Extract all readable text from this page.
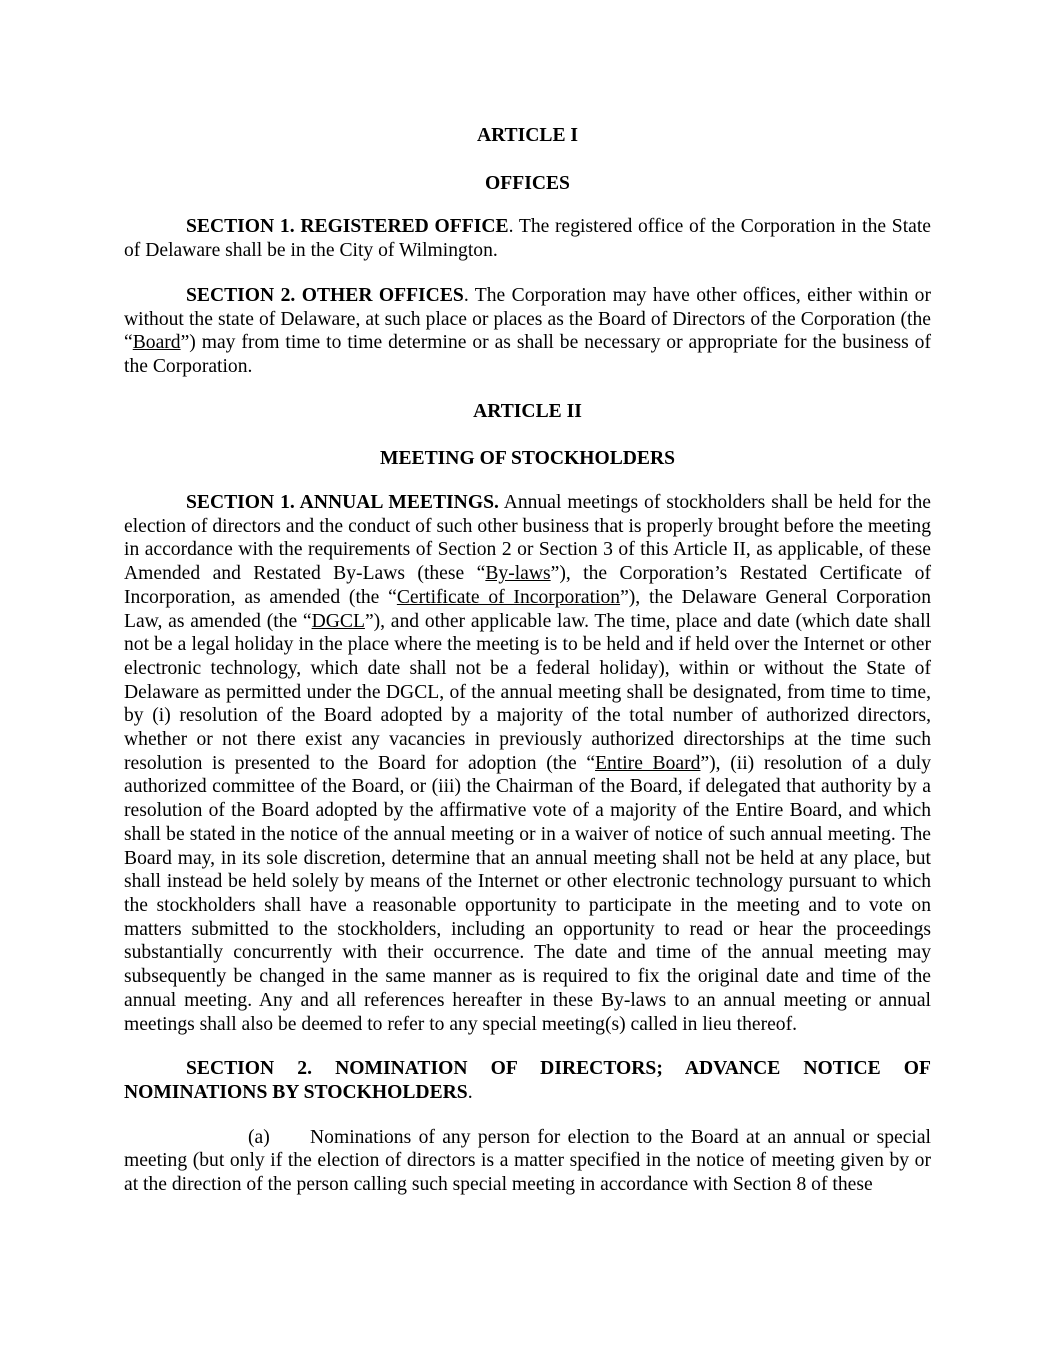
ARTICLE I

OFFICES

SECTION 1. REGISTERED OFFICE. The registered office of the Corporation in the State of Delaware shall be in the City of Wilmington.

SECTION 2. OTHER OFFICES. The Corporation may have other offices, either within or without the state of Delaware, at such place or places as the Board of Directors of the Corporation (the “Board”) may from time to time determine or as shall be necessary or appropriate for the business of the Corporation.

ARTICLE II

MEETING OF STOCKHOLDERS

SECTION 1. ANNUAL MEETINGS. Annual meetings of stockholders shall be held for the election of directors and the conduct of such other business that is properly brought before the meeting in accordance with the requirements of Section 2 or Section 3 of this Article II, as applicable, of these Amended and Restated By-Laws (these “By-laws”), the Corporation’s Restated Certificate of Incorporation, as amended (the “Certificate of Incorporation”), the Delaware General Corporation Law, as amended (the “DGCL”), and other applicable law. The time, place and date (which date shall not be a legal holiday in the place where the meeting is to be held and if held over the Internet or other electronic technology, which date shall not be a federal holiday), within or without the State of Delaware as permitted under the DGCL, of the annual meeting shall be designated, from time to time, by (i) resolution of the Board adopted by a majority of the total number of authorized directors, whether or not there exist any vacancies in previously authorized directorships at the time such resolution is presented to the Board for adoption (the “Entire Board”), (ii) resolution of a duly authorized committee of the Board, or (iii) the Chairman of the Board, if delegated that authority by a resolution of the Board adopted by the affirmative vote of a majority of the Entire Board, and which shall be stated in the notice of the annual meeting or in a waiver of notice of such annual meeting. The Board may, in its sole discretion, determine that an annual meeting shall not be held at any place, but shall instead be held solely by means of the Internet or other electronic technology pursuant to which the stockholders shall have a reasonable opportunity to participate in the meeting and to vote on matters submitted to the stockholders, including an opportunity to read or hear the proceedings substantially concurrently with their occurrence. The date and time of the annual meeting may subsequently be changed in the same manner as is required to fix the original date and time of the annual meeting. Any and all references hereafter in these By-laws to an annual meeting or annual meetings shall also be deemed to refer to any special meeting(s) called in lieu thereof.

SECTION 2. NOMINATION OF DIRECTORS; ADVANCE NOTICE OF NOMINATIONS BY STOCKHOLDERS.

(a) Nominations of any person for election to the Board at an annual or special meeting (but only if the election of directors is a matter specified in the notice of meeting given by or at the direction of the person calling such special meeting in accordance with Section 8 of these
